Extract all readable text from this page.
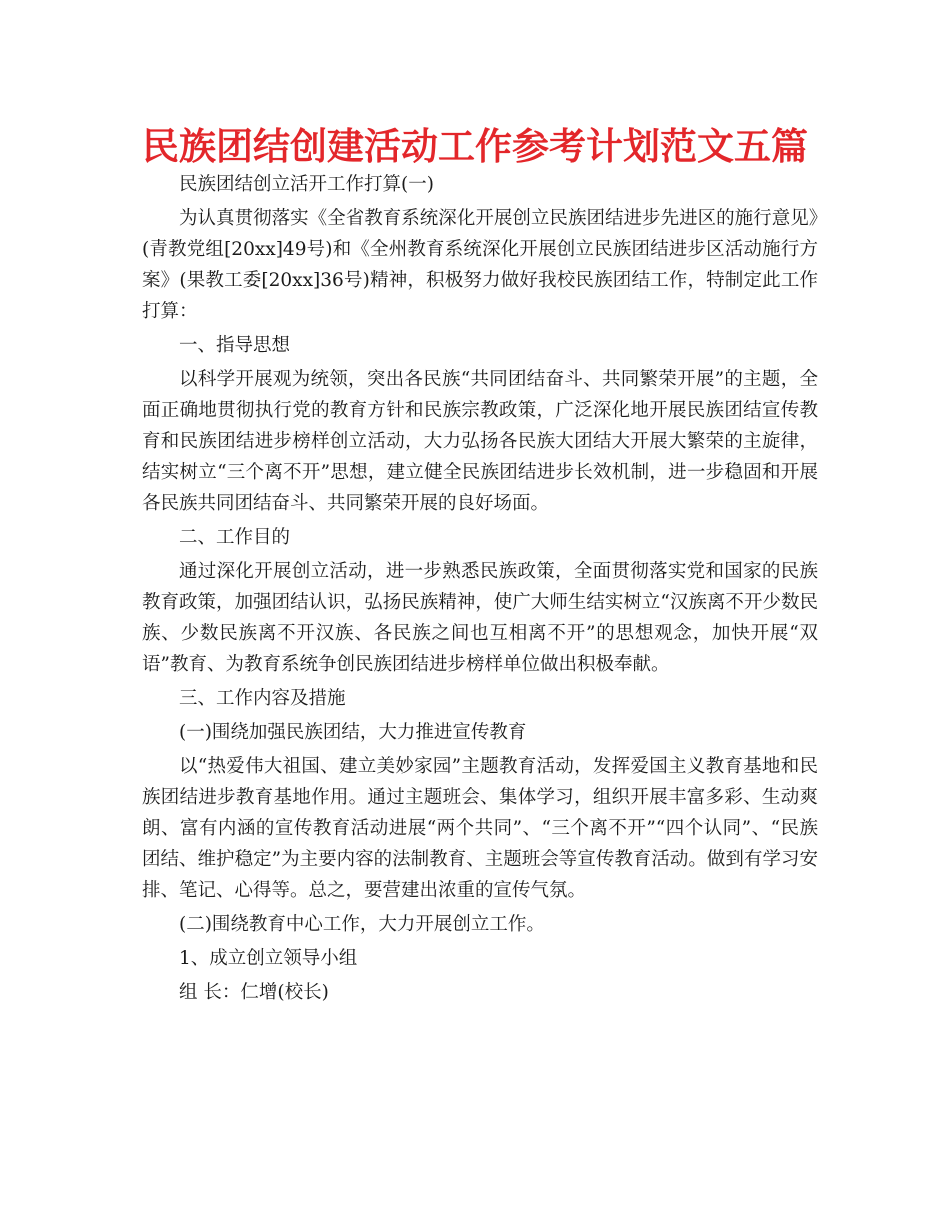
民族团结创建活动工作参考计划范文五篇

民族团结创立活开工作打算(一)

为认真贯彻落实《全省教育系统深化开展创立民族团结进步先进区的施行意见》(青教党组[20xx]49号)和《全州教育系统深化开展创立民族团结进步区活动施行方案》(果教工委[20xx]36号)精神，积极努力做好我校民族团结工作，特制定此工作打算：

一、指导思想

以科学开展观为统领，突出各民族“共同团结奋斗、共同繁荣开展”的主题，全面正确地贯彻执行党的教育方针和民族宗教政策，广泛深化地开展民族团结宣传教育和民族团结进步榜样创立活动，大力弘扬各民族大团结大开展大繁荣的主旋律，结实树立“三个离不开”思想，建立健全民族团结进步长效机制，进一步稳固和开展各民族共同团结奋斗、共同繁荣开展的良好场面。

二、工作目的

通过深化开展创立活动，进一步熟悉民族政策，全面贯彻落实党和国家的民族教育政策，加强团结认识，弘扬民族精神，使广大师生结实树立“汉族离不开少数民族、少数民族离不开汉族、各民族之间也互相离不开”的思想观念，加快开展“双语”教育、为教育系统争创民族团结进步榜样单位做出积极奉献。

三、工作内容及措施

(一)围绕加强民族团结，大力推进宣传教育

以“热爱伟大祖国、建立美妙家园”主题教育活动，发挥爱国主义教育基地和民族团结进步教育基地作用。通过主题班会、集体学习，组织开展丰富多彩、生动爽朗、富有内涵的宣传教育活动进展“两个共同”、“三个离不开”“四个认同”、“民族团结、维护稳定”为主要内容的法制教育、主题班会等宣传教育活动。做到有学习安排、笔记、心得等。总之，要营建出浓重的宣传气氛。

(二)围绕教育中心工作，大力开展创立工作。

1、成立创立领导小组

组 长：仁增(校长)
